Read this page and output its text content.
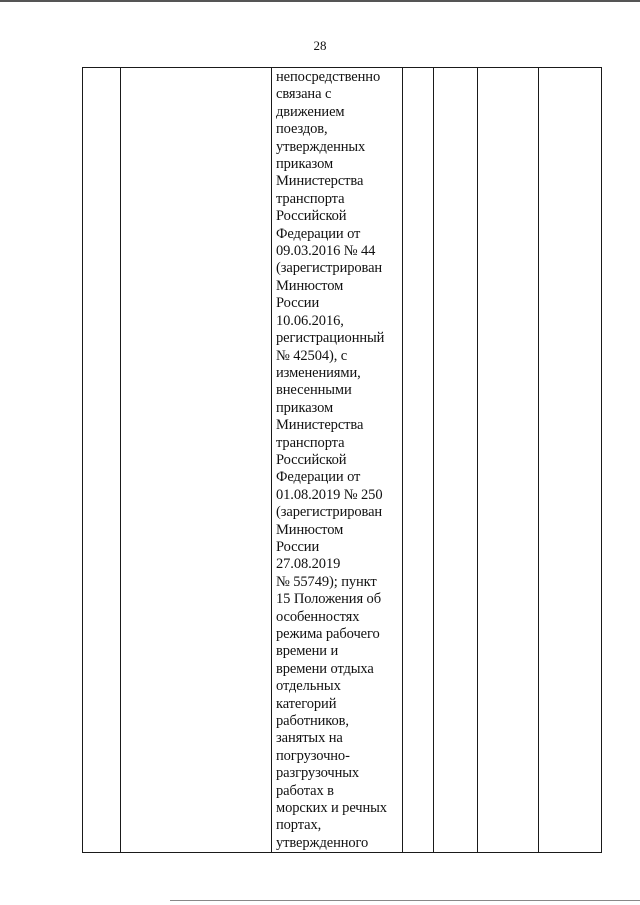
28

непосредственно
связана с
движением
поездов,
утвержденных
приказом
Министерства
транспорта
Российской
Федерации от
09.03.2016 № 44
(зарегистрирован
Минюстом
России
10.06.2016,
регистрационный
№ 42504), с
изменениями,
внесенными
приказом
Министерства
транспорта
Российской
Федерации от
01.08.2019 № 250
(зарегистрирован
Минюстом
России
27.08.2019
№ 55749); пункт
15 Положения об
особенностях
режима рабочего
времени и
времени отдыха
отдельных
категорий
работников,
занятых на
погрузочно-
разгрузочных
работах в
морских и речных
портах,
утвержденного
